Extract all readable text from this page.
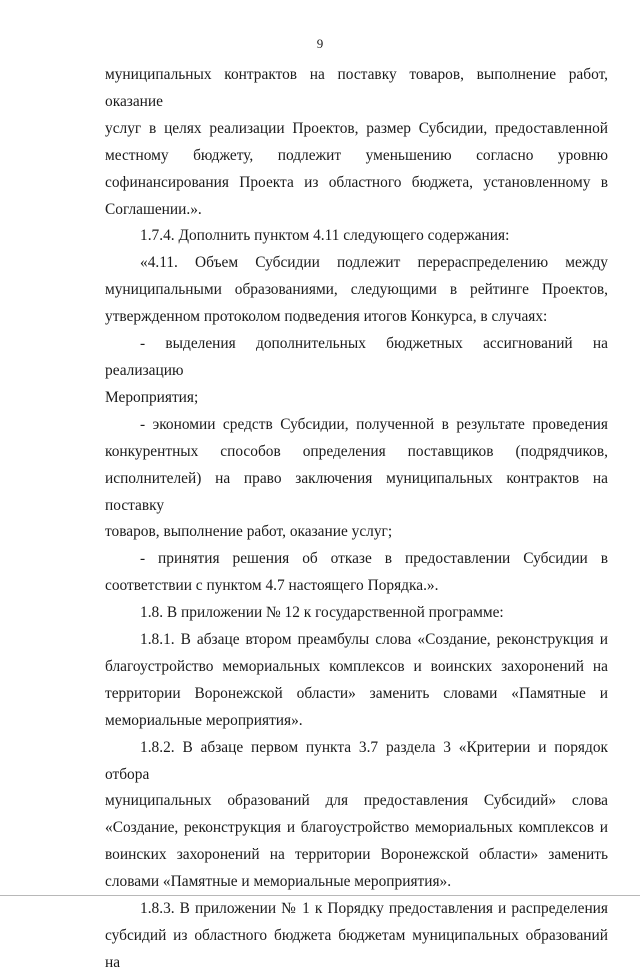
9

муниципальных контрактов на поставку товаров, выполнение работ, оказание

услуг в целях реализации Проектов, размер Субсидии, предоставленной

местному бюджету, подлежит уменьшению согласно уровню

софинансирования Проекта из областного бюджета, установленному в

Соглашении.».

1.7.4. Дополнить пунктом 4.11 следующего содержания:

«4.11. Объем Субсидии подлежит перераспределению между

муниципальными образованиями, следующими в рейтинге Проектов,

утвержденном протоколом подведения итогов Конкурса, в случаях:

- выделения дополнительных бюджетных ассигнований на реализацию

Мероприятия;

- экономии средств Субсидии, полученной в результате проведения

конкурентных способов определения поставщиков (подрядчиков,

исполнителей) на право заключения муниципальных контрактов на поставку

товаров, выполнение работ, оказание услуг;

- принятия решения об отказе в предоставлении Субсидии в

соответствии с пунктом 4.7 настоящего Порядка.».

1.8. В приложении № 12 к государственной программе:

1.8.1. В абзаце втором преамбулы слова «Создание, реконструкция и

благоустройство мемориальных комплексов и воинских захоронений на

территории Воронежской области» заменить словами «Памятные и

мемориальные мероприятия».

1.8.2. В абзаце первом пункта 3.7 раздела 3 «Критерии и порядок отбора

муниципальных образований для предоставления Субсидий» слова

«Создание, реконструкция и благоустройство мемориальных комплексов и

воинских захоронений на территории Воронежской области» заменить

словами «Памятные и мемориальные мероприятия».

1.8.3. В приложении № 1 к Порядку предоставления и распределения

субсидий из областного бюджета бюджетам муниципальных образований на
